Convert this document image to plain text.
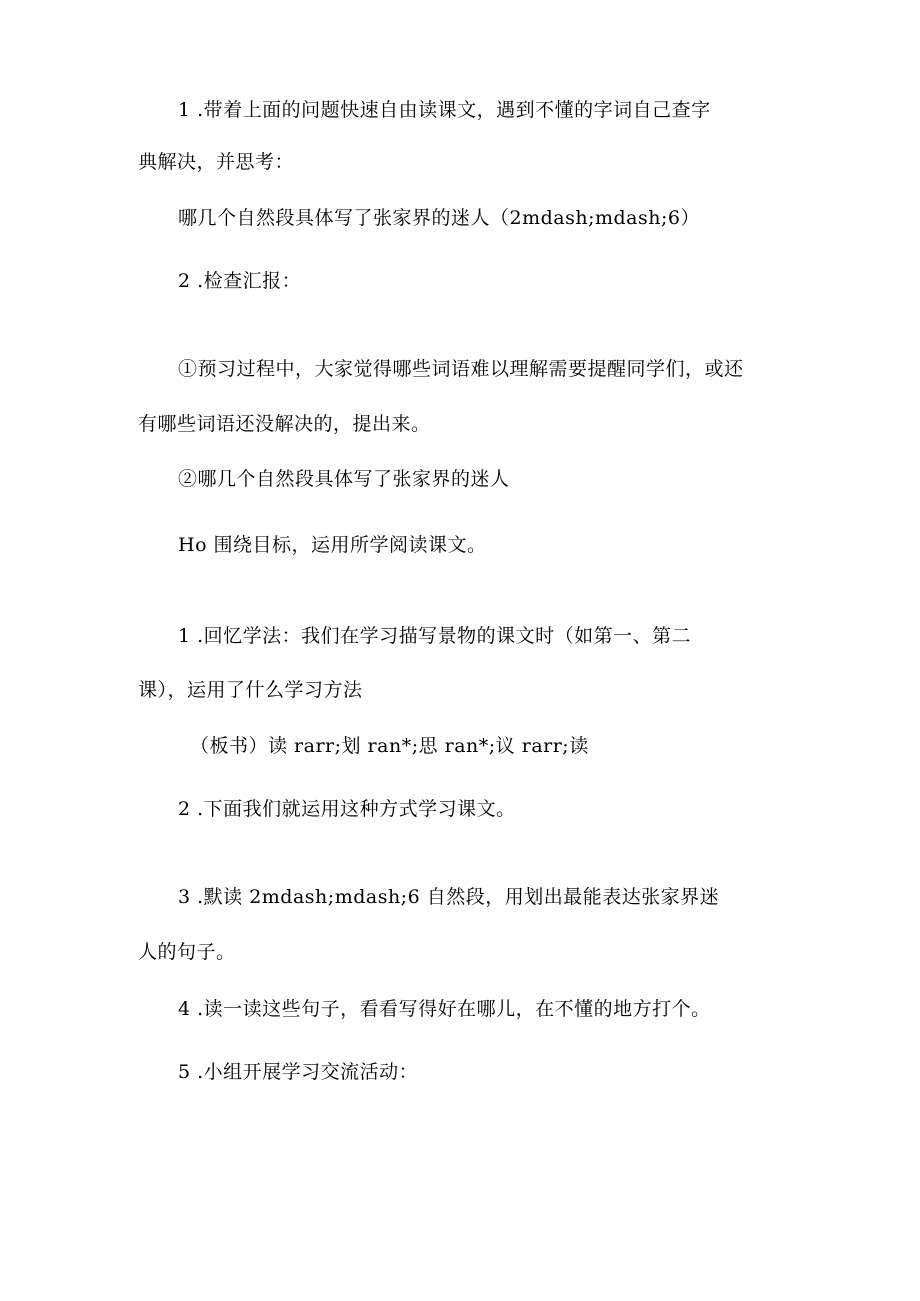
1 .带着上面的问题快速自由读课文，遇到不懂的字词自己查字
典解决，并思考：
哪几个自然段具体写了张家界的迷人（2mdash;mdash;6）
2 .检查汇报：
①预习过程中，大家觉得哪些词语难以理解需要提醒同学们，或还
有哪些词语还没解决的，提出来。
②哪几个自然段具体写了张家界的迷人
Ho 围绕目标，运用所学阅读课文。
1 .回忆学法：我们在学习描写景物的课文时（如第一、第二
课），运用了什么学习方法
（板书）读 rarr;划 ran*;思 ran*;议 rarr;读
2 .下面我们就运用这种方式学习课文。
3 .默读 2mdash;mdash;6 自然段，用划出最能表达张家界迷
人的句子。
4 .读一读这些句子，看看写得好在哪儿，在不懂的地方打个。
5 .小组开展学习交流活动：
